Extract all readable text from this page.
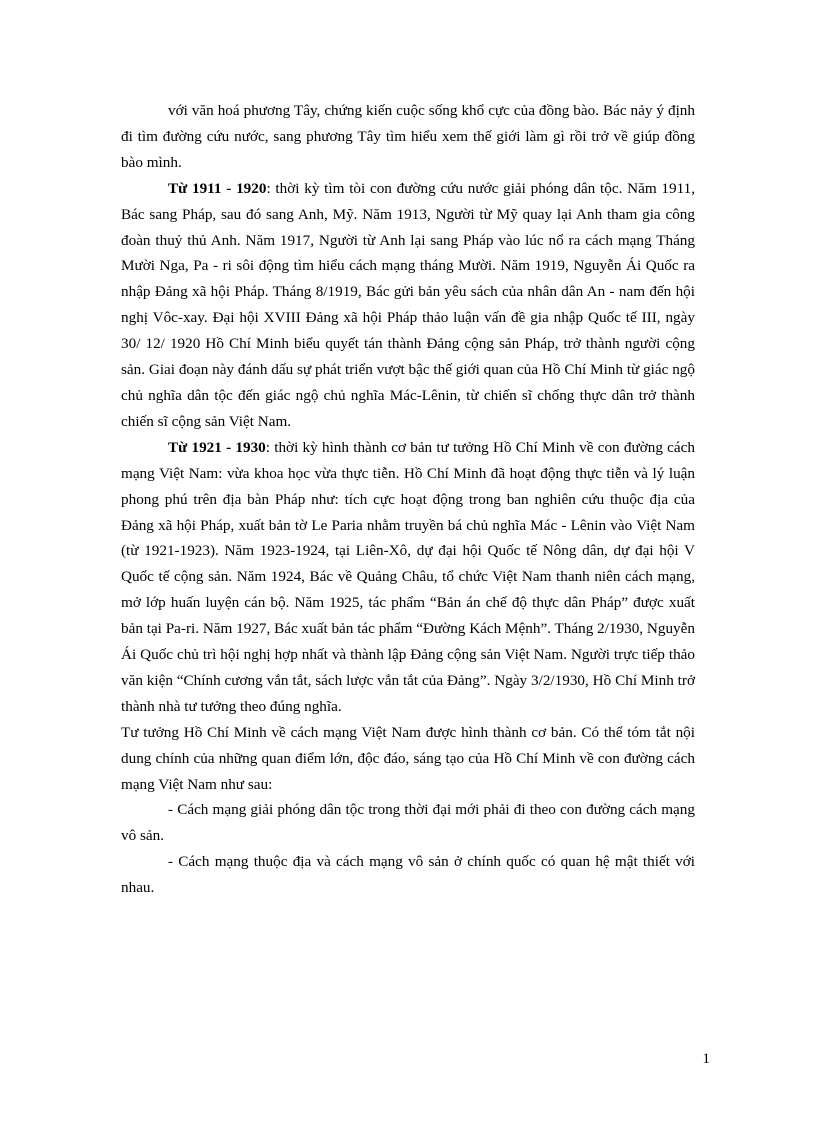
với văn hoá phương Tây, chứng kiến cuộc sống khổ cực của đồng bào. Bác nảy ý định đi tìm đường cứu nước, sang phương Tây tìm hiểu xem thế giới làm gì rồi trở về giúp đồng bào mình.

Từ 1911 - 1920: thời kỳ tìm tòi con đường cứu nước giải phóng dân tộc. Năm 1911, Bác sang Pháp, sau đó sang Anh, Mỹ. Năm 1913, Người từ Mỹ quay lại Anh tham gia công đoàn thuỷ thủ Anh. Năm 1917, Người từ Anh lại sang Pháp vào lúc nổ ra cách mạng Tháng Mười Nga, Pa - ri sôi động tìm hiểu cách mạng tháng Mười. Năm 1919, Nguyễn Ái Quốc ra nhập Đảng xã hội Pháp. Tháng 8/1919, Bác gửi bản yêu sách của nhân dân An - nam đến hội nghị Vôc-xay. Đại hội XVIII Đảng xã hội Pháp thảo luận vấn đề gia nhập Quốc tế III, ngày 30/ 12/ 1920 Hồ Chí Minh biểu quyết tán thành Đảng cộng sản Pháp, trở thành người cộng sản. Giai đoạn này đánh dấu sự phát triển vượt bậc thế giới quan của Hồ Chí Minh từ giác ngộ chủ nghĩa dân tộc đến giác ngộ chủ nghĩa Mác-Lênin, từ chiến sĩ chống thực dân trở thành chiến sĩ cộng sản Việt Nam.

Từ 1921 - 1930: thời kỳ hình thành cơ bản tư tưởng Hồ Chí Minh về con đường cách mạng Việt Nam: vừa khoa học vừa thực tiễn. Hồ Chí Minh đã hoạt động thực tiễn và lý luận phong phú trên địa bàn Pháp như: tích cực hoạt động trong ban nghiên cứu thuộc địa của Đảng xã hội Pháp, xuất bản tờ Le Paria nhằm truyền bá chủ nghĩa Mác - Lênin vào Việt Nam (từ 1921-1923). Năm 1923-1924, tại Liên-Xô, dự đại hội Quốc tế Nông dân, dự đại hội V Quốc tế cộng sản. Năm 1924, Bác về Quảng Châu, tổ chức Việt Nam thanh niên cách mạng, mở lớp huấn luyện cán bộ. Năm 1925, tác phẩm “Bản án chế độ thực dân Pháp” được xuất bản tại Pa-ri. Năm 1927, Bác xuất bản tác phẩm “Đường Kách Mệnh”. Tháng 2/1930, Nguyễn Ái Quốc chủ trì hội nghị hợp nhất và thành lập Đảng cộng sản Việt Nam. Người trực tiếp thảo văn kiện “Chính cương vắn tắt, sách lược vắn tắt của Đảng”. Ngày 3/2/1930, Hồ Chí Minh trở thành nhà tư tưởng theo đúng nghĩa.

Tư tưởng Hồ Chí Minh về cách mạng Việt Nam được hình thành cơ bản. Có thể tóm tắt nội dung chính của những quan điểm lớn, độc đáo, sáng tạo của Hồ Chí Minh về con đường cách mạng Việt Nam như sau:

- Cách mạng giải phóng dân tộc trong thời đại mới phải đi theo con đường cách mạng vô sản.

- Cách mạng thuộc địa và cách mạng vô sản ở chính quốc có quan hệ mật thiết với nhau.

1
